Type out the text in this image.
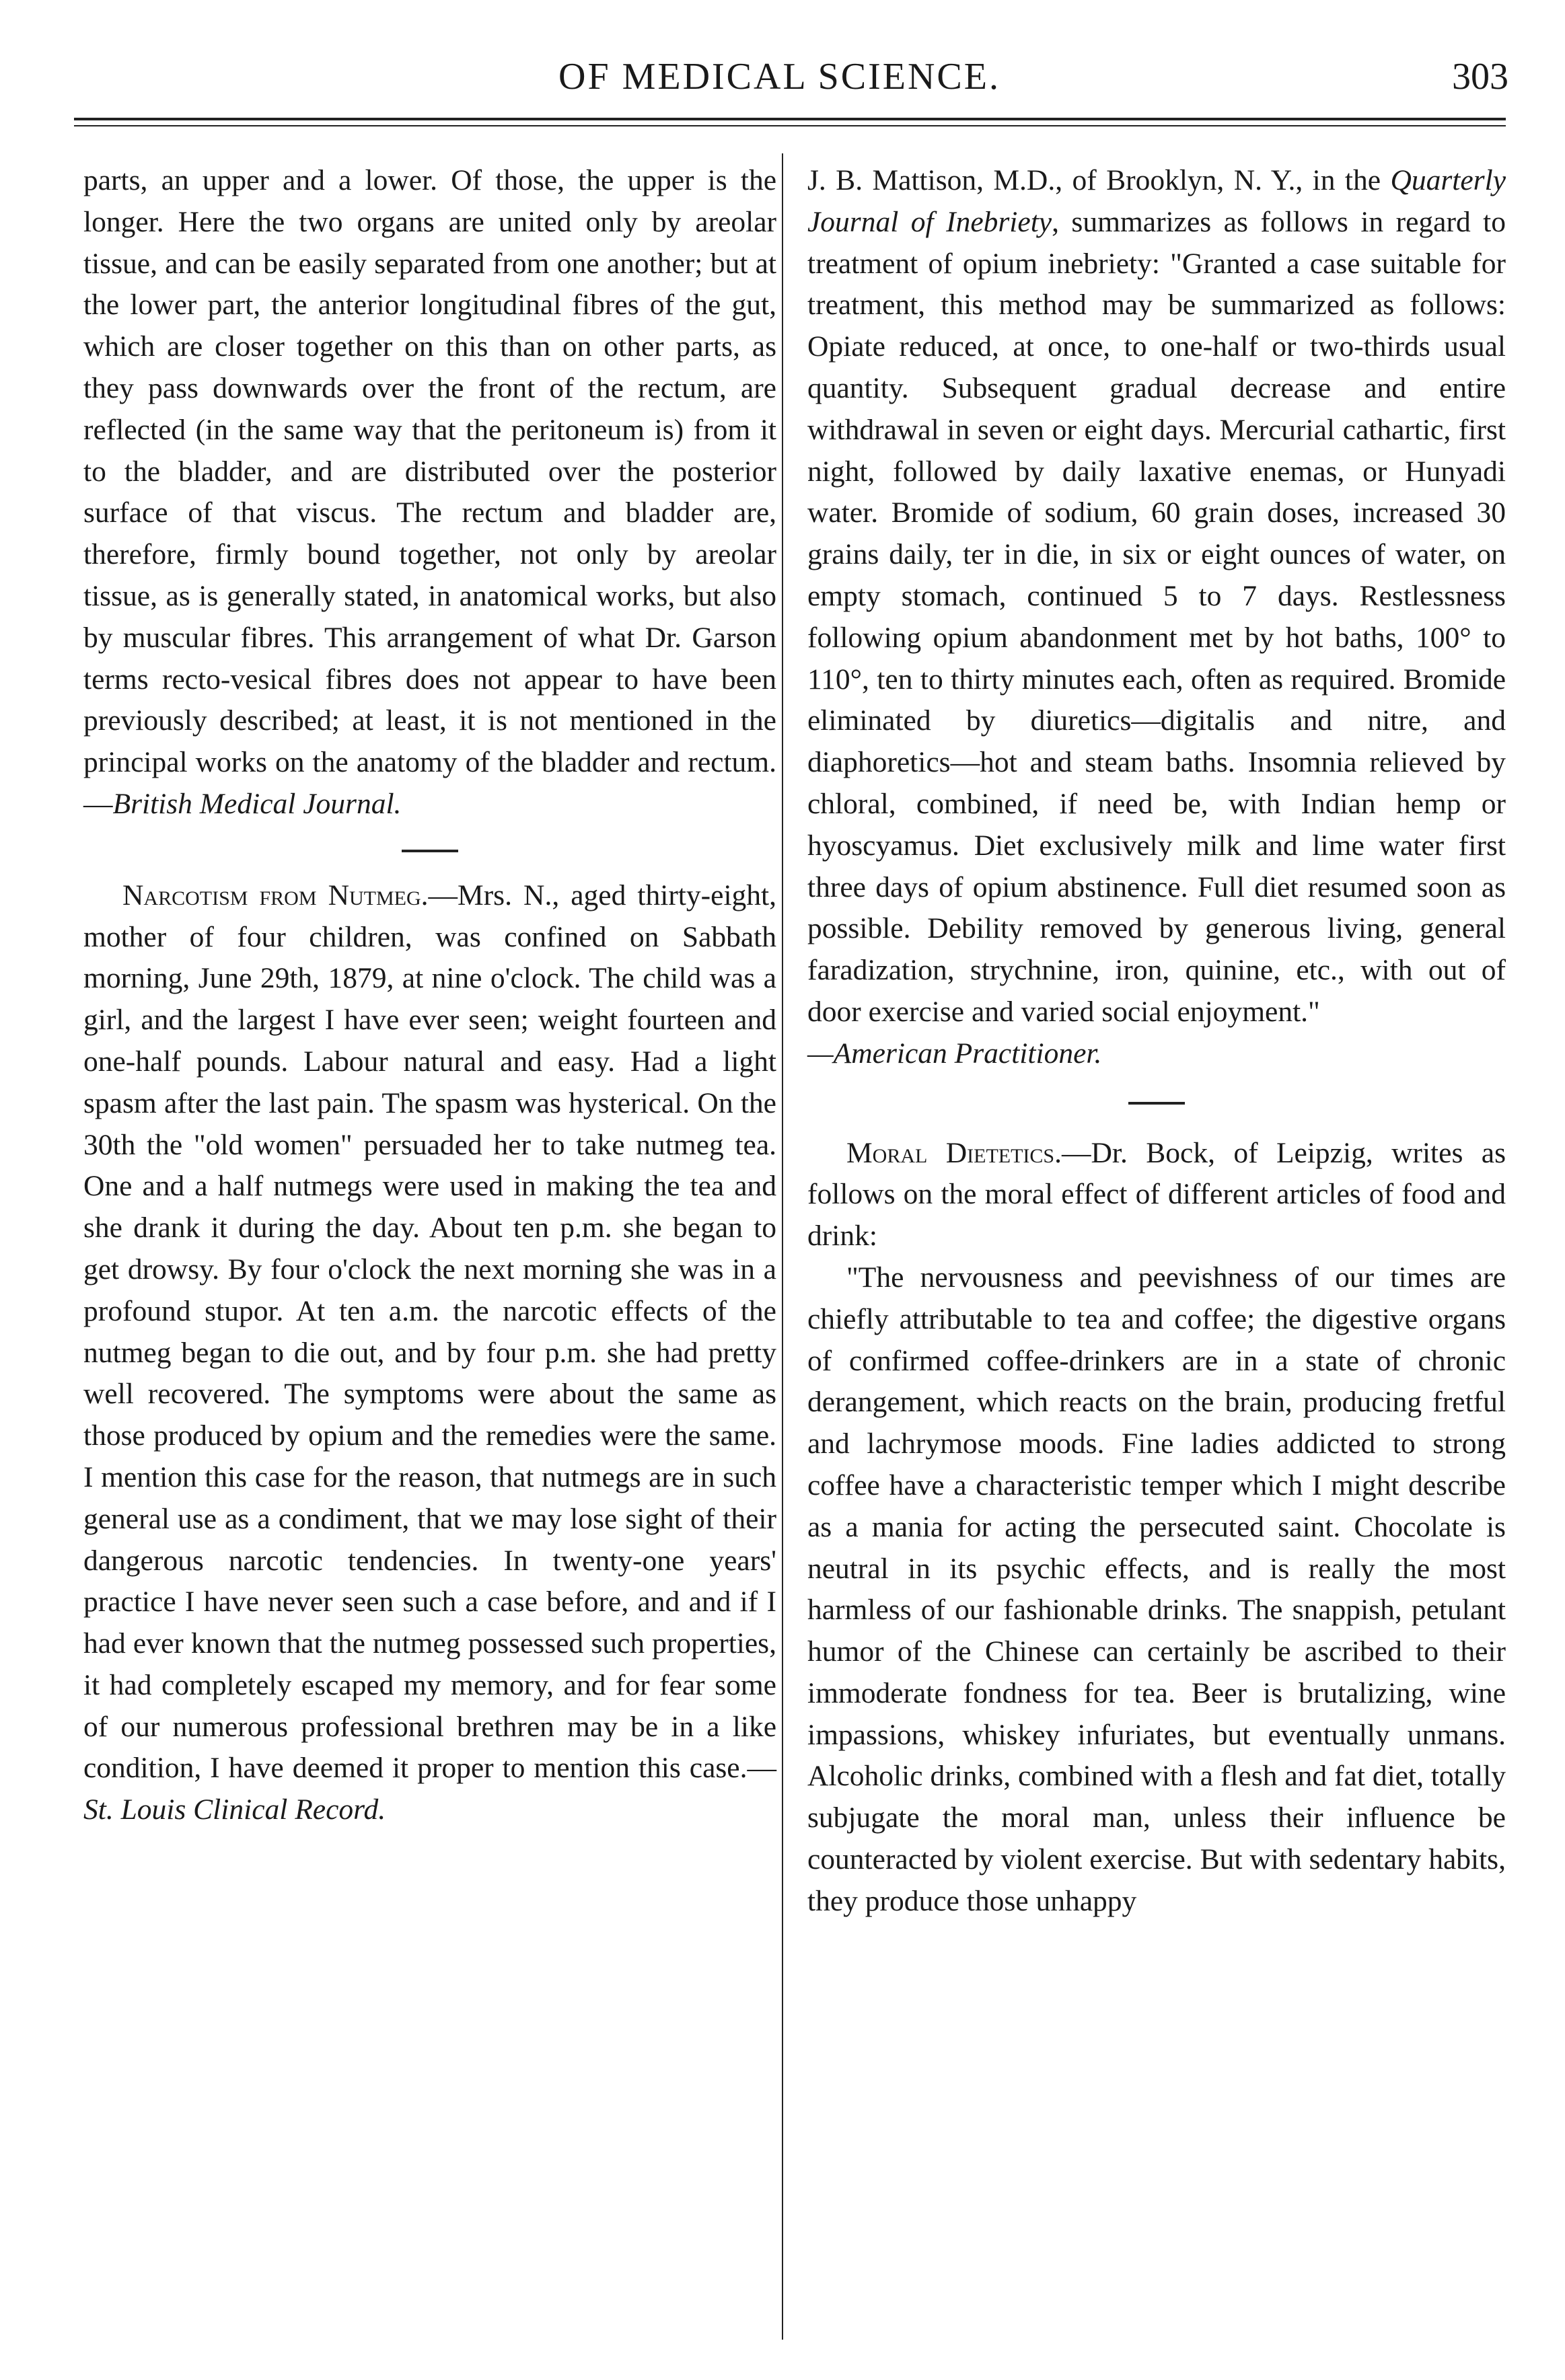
OF MEDICAL SCIENCE.	303

parts, an upper and a lower. Of those, the upper is the longer. Here the two organs are united only by areolar tissue, and can be easily separated from one another; but at the lower part, the anterior longitudinal fibres of the gut, which are closer together on this than on other parts, as they pass downwards over the front of the rectum, are reflected (in the same way that the peritoneum is) from it to the bladder, and are distributed over the posterior surface of that viscus. The rectum and bladder are, therefore, firmly bound together, not only by areolar tissue, as is generally stated, in anatomical works, but also by muscular fibres. This arrangement of what Dr. Garson terms recto-vesical fibres does not appear to have been previously described; at least, it is not mentioned in the principal works on the anatomy of the bladder and rectum.—British Medical Journal.

Narcotism from Nutmeg.—Mrs. N., aged thirty-eight, mother of four children, was confined on Sabbath morning, June 29th, 1879, at nine o'clock. The child was a girl, and the largest I have ever seen; weight fourteen and one-half pounds. Labour natural and easy. Had a light spasm after the last pain. The spasm was hysterical. On the 30th the "old women" persuaded her to take nutmeg tea. One and a half nutmegs were used in making the tea and she drank it during the day. About ten p.m. she began to get drowsy. By four o'clock the next morning she was in a profound stupor. At ten a.m. the narcotic effects of the nutmeg began to die out, and by four p.m. she had pretty well recovered. The symptoms were about the same as those produced by opium and the remedies were the same. I mention this case for the reason, that nutmegs are in such general use as a condiment, that we may lose sight of their dangerous narcotic tendencies. In twenty-one years' practice I have never seen such a case before, and and if I had ever known that the nutmeg possessed such properties, it had completely escaped my memory, and for fear some of our numerous professional brethren may be in a like condition, I have deemed it proper to mention this case.—St. Louis Clinical Record.

J. B. Mattison, M.D., of Brooklyn, N. Y., in the Quarterly Journal of Inebriety, summarizes as follows in regard to treatment of opium inebriety: "Granted a case suitable for treatment, this method may be summarized as follows: Opiate reduced, at once, to one-half or two-thirds usual quantity. Subsequent gradual decrease and entire withdrawal in seven or eight days. Mercurial cathartic, first night, followed by daily laxative enemas, or Hunyadi water. Bromide of sodium, 60 grain doses, increased 30 grains daily, ter in die, in six or eight ounces of water, on empty stomach, continued 5 to 7 days. Restlessness following opium abandonment met by hot baths, 100° to 110°, ten to thirty minutes each, often as required. Bromide eliminated by diuretics—digitalis and nitre, and diaphoretics—hot and steam baths. Insomnia relieved by chloral, combined, if need be, with Indian hemp or hyoscyamus. Diet exclusively milk and lime water first three days of opium abstinence. Full diet resumed soon as possible. Debility removed by generous living, general faradization, strychnine, iron, quinine, etc., with out of door exercise and varied social enjoyment."

—American Practitioner.

Moral Dietetics.—Dr. Bock, of Leipzig, writes as follows on the moral effect of different articles of food and drink:

"The nervousness and peevishness of our times are chiefly attributable to tea and coffee; the digestive organs of confirmed coffee-drinkers are in a state of chronic derangement, which reacts on the brain, producing fretful and lachrymose moods. Fine ladies addicted to strong coffee have a characteristic temper which I might describe as a mania for acting the persecuted saint. Chocolate is neutral in its psychic effects, and is really the most harmless of our fashionable drinks. The snappish, petulant humor of the Chinese can certainly be ascribed to their immoderate fondness for tea. Beer is brutalizing, wine impassions, whiskey infuriates, but eventually unmans. Alcoholic drinks, combined with a flesh and fat diet, totally subjugate the moral man, unless their influence be counteracted by violent exercise. But with sedentary habits, they produce those unhappy
